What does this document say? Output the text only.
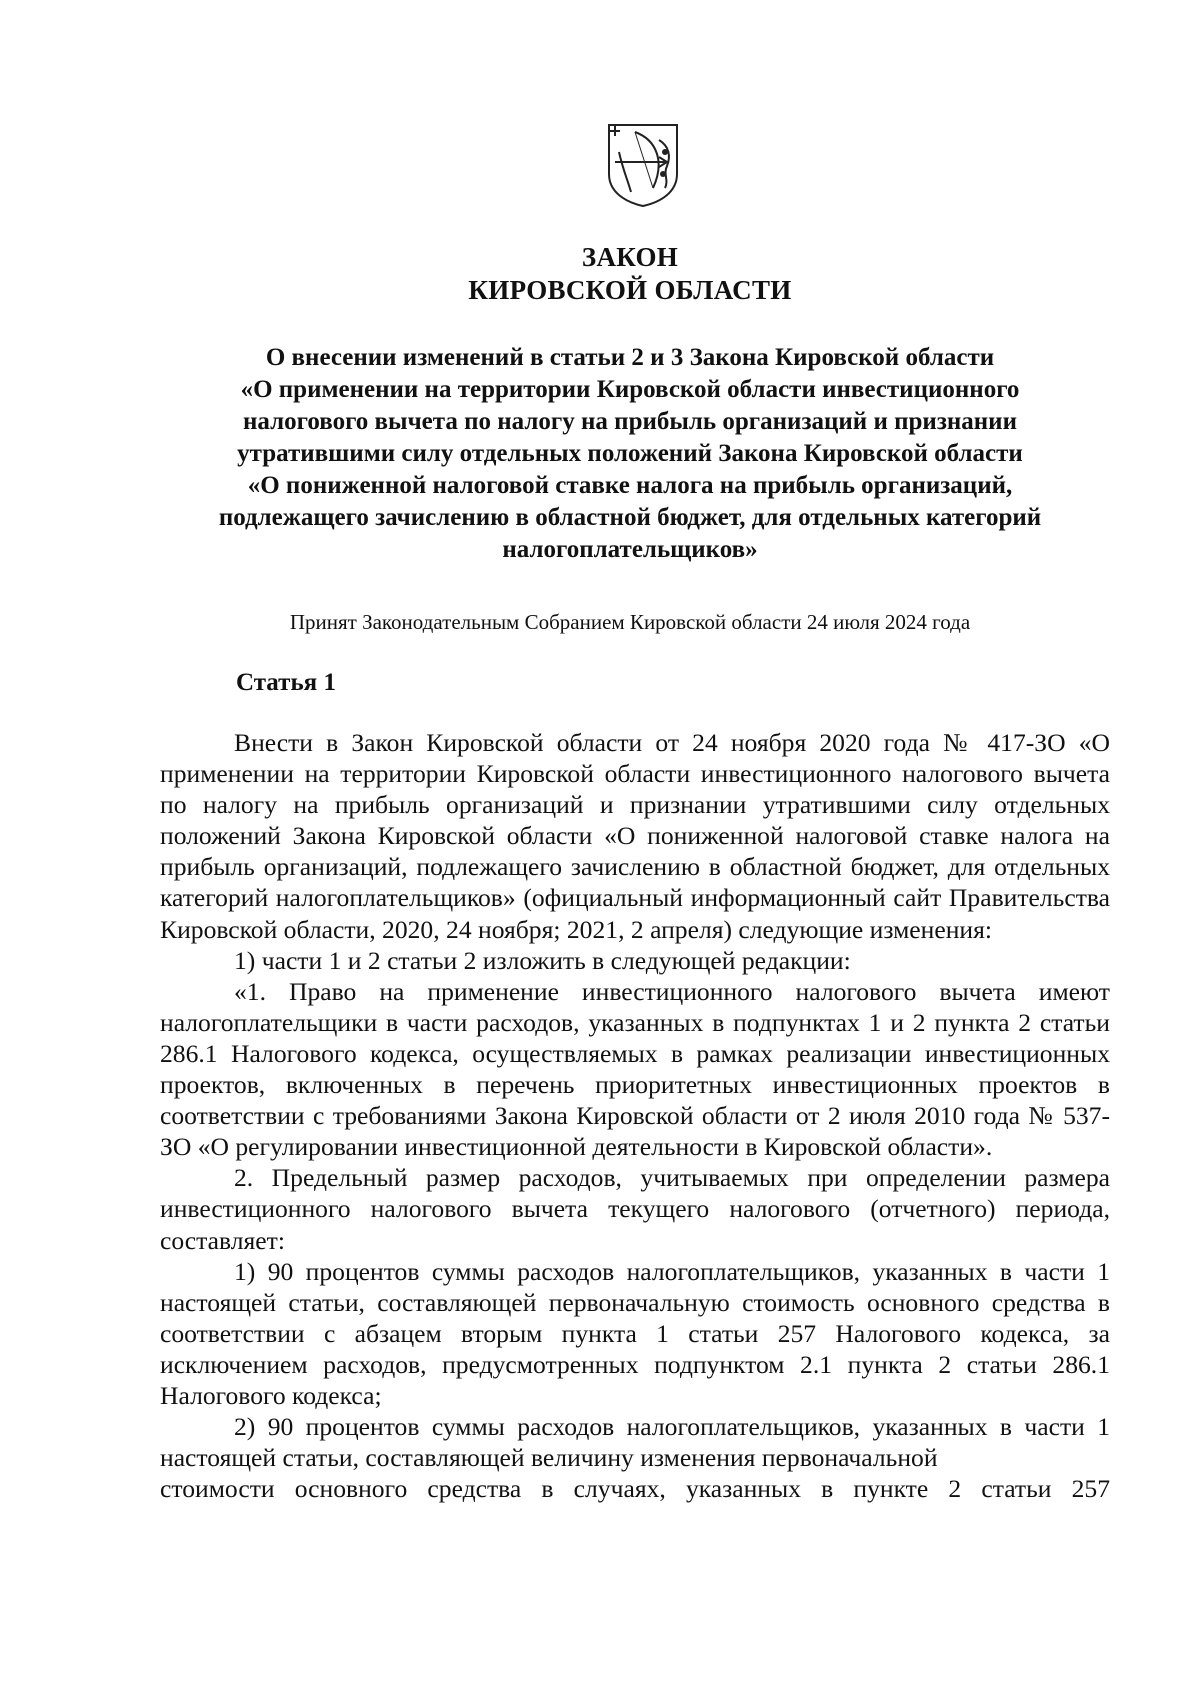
ЗАКОН
КИРОВСКОЙ ОБЛАСТИ
О внесении изменений в статьи 2 и 3 Закона Кировской области
«О применении на территории Кировской области инвестиционного
налогового вычета по налогу на прибыль организаций и признании
утратившими силу отдельных положений Закона Кировской области
«О пониженной налоговой ставке налога на прибыль организаций,
подлежащего зачислению в областной бюджет, для отдельных категорий
налогоплательщиков»
Принят Законодательным Собранием Кировской области 24 июля 2024 года
Статья 1

Внести в Закон Кировской области от 24 ноября 2020 года № 417-ЗО «О применении на территории Кировской области инвестиционного налогового вычета по налогу на прибыль организаций и признании утратившими силу отдельных положений Закона Кировской области «О пониженной налоговой ставке налога на прибыль организаций, подлежащего зачислению в областной бюджет, для отдельных категорий налогоплательщиков» (официальный информационный сайт Правительства Кировской области, 2020, 24 ноября; 2021, 2 апреля) следующие изменения:

1) части 1 и 2 статьи 2 изложить в следующей редакции:

«1. Право на применение инвестиционного налогового вычета имеют налогоплательщики в части расходов, указанных в подпунктах 1 и 2 пункта 2 статьи 286.1 Налогового кодекса, осуществляемых в рамках реализации инвестиционных проектов, включенных в перечень приоритетных инвестиционных проектов в соответствии с требованиями Закона Кировской области от 2 июля 2010 года № 537-ЗО «О регулировании инвестиционной деятельности в Кировской области».

2. Предельный размер расходов, учитываемых при определении размера инвестиционного налогового вычета текущего налогового (отчетного) периода, составляет:

1) 90 процентов суммы расходов налогоплательщиков, указанных в части 1 настоящей статьи, составляющей первоначальную стоимость основного средства в соответствии с абзацем вторым пункта 1 статьи 257 Налогового кодекса, за исключением расходов, предусмотренных подпунктом 2.1 пункта 2 статьи 286.1 Налогового кодекса;

2) 90 процентов суммы расходов налогоплательщиков, указанных в части 1 настоящей статьи, составляющей величину изменения первоначальной

стоимости основного средства в случаях, указанных в пункте 2 статьи 257
